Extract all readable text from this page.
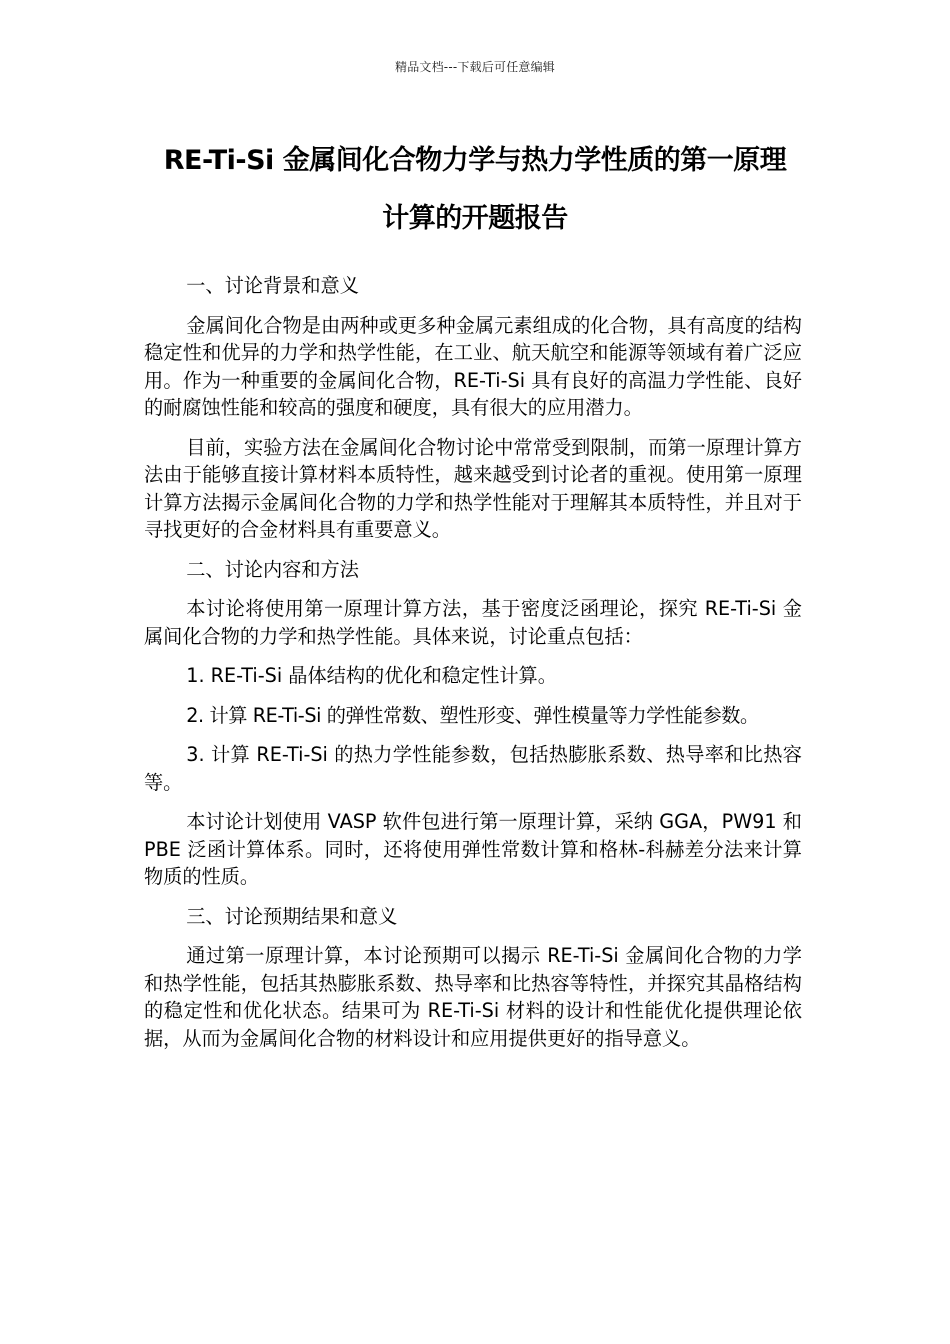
精品文档---下载后可任意编辑
RE-Ti-Si 金属间化合物力学与热力学性质的第一原理
计算的开题报告

一、讨论背景和意义

金属间化合物是由两种或更多种金属元素组成的化合物，具有高度的结构稳定性和优异的力学和热学性能，在工业、航天航空和能源等领域有着广泛应用。作为一种重要的金属间化合物，RE-Ti-Si 具有良好的高温力学性能、良好的耐腐蚀性能和较高的强度和硬度，具有很大的应用潜力。

目前，实验方法在金属间化合物讨论中常常受到限制，而第一原理计算方法由于能够直接计算材料本质特性，越来越受到讨论者的重视。使用第一原理计算方法揭示金属间化合物的力学和热学性能对于理解其本质特性，并且对于寻找更好的合金材料具有重要意义。

二、讨论内容和方法

本讨论将使用第一原理计算方法，基于密度泛函理论，探究 RE-Ti-Si 金属间化合物的力学和热学性能。具体来说，讨论重点包括：

1. RE-Ti-Si 晶体结构的优化和稳定性计算。

2. 计算 RE-Ti-Si 的弹性常数、塑性形变、弹性模量等力学性能参数。

3. 计算 RE-Ti-Si 的热力学性能参数，包括热膨胀系数、热导率和比热容等。

本讨论计划使用 VASP 软件包进行第一原理计算，采纳 GGA，PW91 和 PBE 泛函计算体系。同时，还将使用弹性常数计算和格林-科赫差分法来计算物质的性质。

三、讨论预期结果和意义

通过第一原理计算，本讨论预期可以揭示 RE-Ti-Si 金属间化合物的力学和热学性能，包括其热膨胀系数、热导率和比热容等特性，并探究其晶格结构的稳定性和优化状态。结果可为 RE-Ti-Si 材料的设计和性能优化提供理论依据，从而为金属间化合物的材料设计和应用提供更好的指导意义。
